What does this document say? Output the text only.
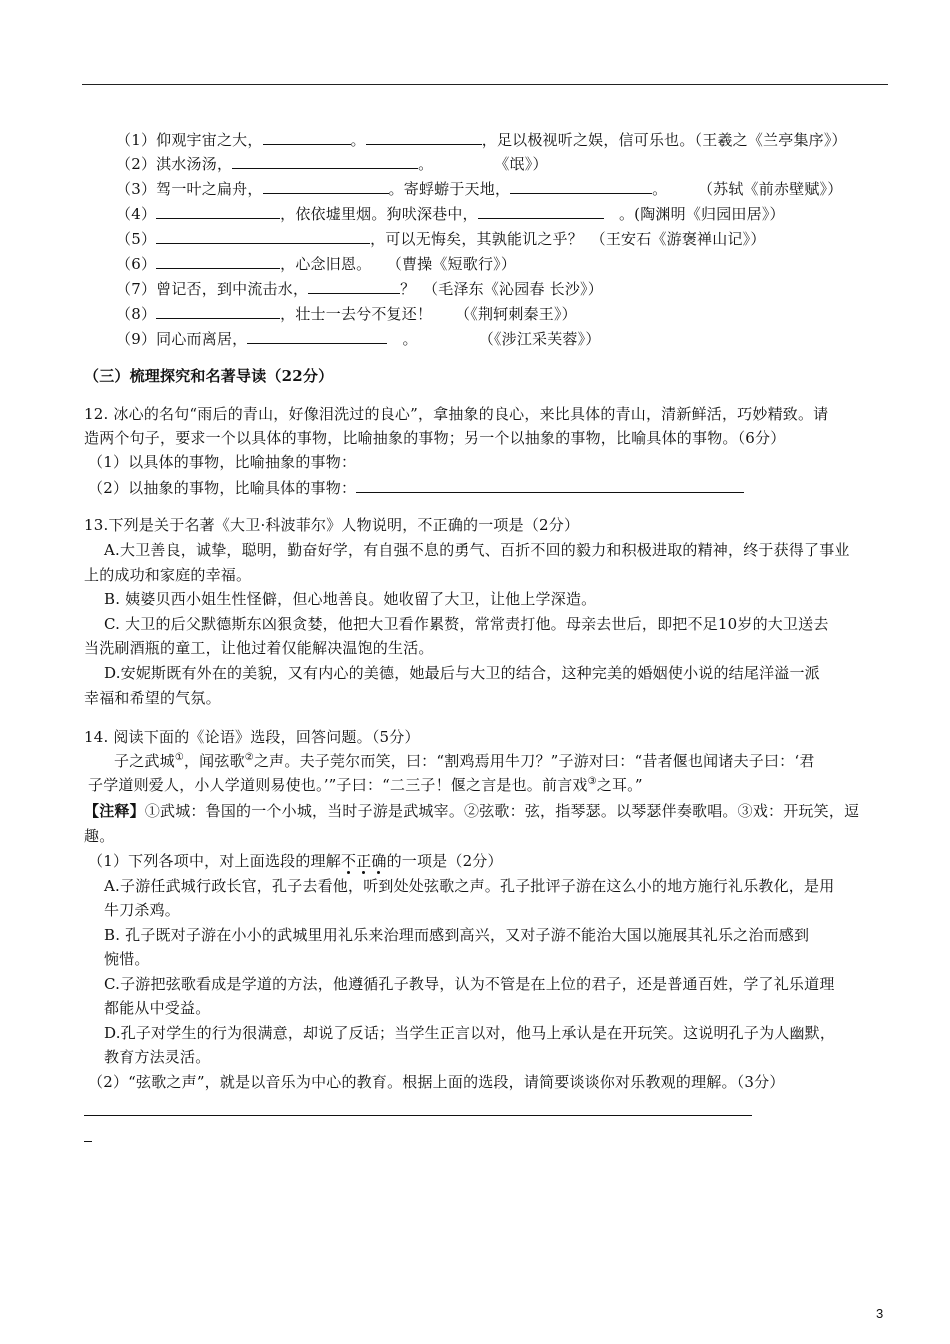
（1）仰观宇宙之大，	。	，足以极视听之娱，信可乐也。（王羲之《兰亭集序》）
（2）淇水汤汤，	。　　　　　《氓》）
（3）驾一叶之扁舟，	。寄蜉蝣于天地，	。　　　（苏轼《前赤壁赋》）
（4）	，依依墟里烟。狗吠深巷中，	　。(陶渊明《归园田居》）
（5）	，可以无悔矣，其孰能讥之乎？　（王安石《游褒禅山记》）
（6）	，心念旧恩。　　（曹操《短歌行》）
（7）曾记否，到中流击水，	？　（毛泽东《沁园春 长沙》）
（8）	，壮士一去兮不复还！　　（《荆轲刺秦王》）
（9）同心而离居，	　。　　　　　（《涉江采芙蓉》）
（三）梳理探究和名著导读（22分）
12. 冰心的名句“雨后的青山，好像泪洗过的良心”，拿抽象的良心，来比具体的青山，清新鲜活，巧妙精致。请
造两个句子，要求一个以具体的事物，比喻抽象的事物；另一个以抽象的事物，比喻具体的事物。（6分）
（1）以具体的事物，比喻抽象的事物：
（2）以抽象的事物，比喻具体的事物：
13.下列是关于名著《大卫·科波菲尔》人物说明，不正确的一项是（2分）
A.大卫善良，诚挚，聪明，勤奋好学，有自强不息的勇气、百折不回的毅力和积极进取的精神，终于获得了事业
上的成功和家庭的幸福。
B. 姨婆贝西小姐生性怪僻，但心地善良。她收留了大卫，让他上学深造。
C. 大卫的后父默德斯东凶狠贪婪，他把大卫看作累赘，常常责打他。母亲去世后，即把不足10岁的大卫送去
当洗刷酒瓶的童工，让他过着仅能解决温饱的生活。
D.安妮斯既有外在的美貌，又有内心的美德，她最后与大卫的结合，这种完美的婚姻使小说的结尾洋溢一派
幸福和希望的气氛。
14. 阅读下面的《论语》选段，回答问题。（5分）
子之武城①，闻弦歌②之声。夫子莞尔而笑，曰：“割鸡焉用牛刀？”子游对曰：“昔者偃也闻诸夫子曰：‘君
子学道则爱人，小人学道则易使也。’”子曰：“二三子！偃之言是也。前言戏③之耳。”
【注释】①武城：鲁国的一个小城，当时子游是武城宰。②弦歌：弦，指琴瑟。以琴瑟伴奏歌唱。③戏：开玩笑，逗
趣。
（1）下列各项中，对上面选段的理解不正确的一项是（2分）
A.子游任武城行政长官，孔子去看他，听到处处弦歌之声。孔子批评子游在这么小的地方施行礼乐教化，是用
牛刀杀鸡。
B. 孔子既对子游在小小的武城里用礼乐来治理而感到高兴，又对子游不能治大国以施展其礼乐之治而感到
惋惜。
C.子游把弦歌看成是学道的方法，他遵循孔子教导，认为不管是在上位的君子，还是普通百姓，学了礼乐道理
都能从中受益。
D.孔子对学生的行为很满意，却说了反话；当学生正言以对，他马上承认是在开玩笑。这说明孔子为人幽默，
教育方法灵活。
（2）“弦歌之声”，就是以音乐为中心的教育。根据上面的选段，请简要谈谈你对乐教观的理解。（3分）
3
